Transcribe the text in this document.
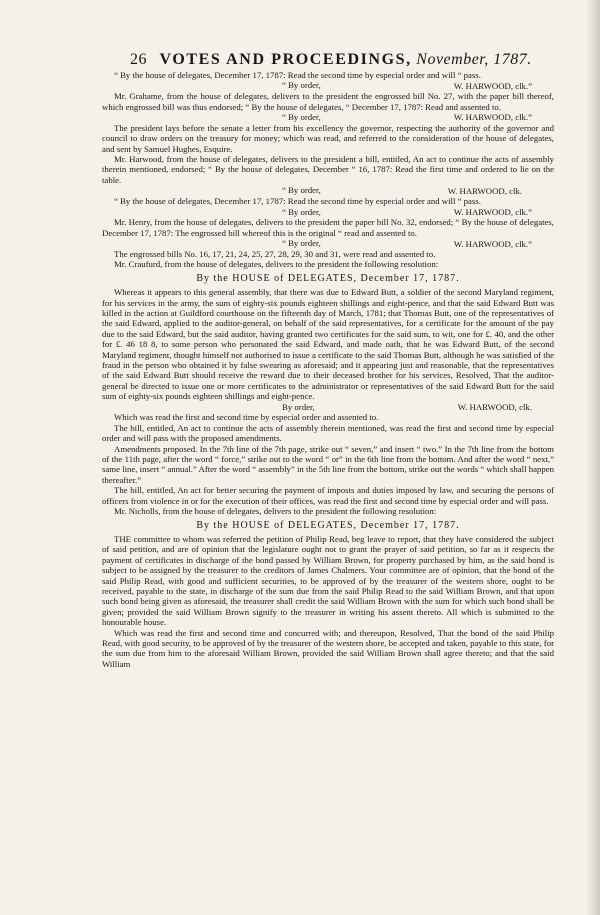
26 VOTES AND PROCEEDINGS, November, 1787.

“ By the house of delegates, December 17, 1787: Read the second time by especial order and will “ pass.

“ By order,	W. HARWOOD, clk.”

Mr. Grahame, from the house of delegates, delivers to the president the engrossed bill No. 27, with the paper bill thereof, which engrossed bill was thus endorsed; “ By the house of delegates, “ December 17, 1787: Read and assented to.

“ By order,	W. HARWOOD, clk.”

The president lays before the senate a letter from his excellency the governor, respecting the authority of the governor and council to draw orders on the treasury for money; which was read, and referred to the consideration of the house of delegates, and sent by Samuel Hughes, Esquire.

Mr. Harwood, from the house of delegates, delivers to the president a bill, entitled, An act to continue the acts of assembly therein mentioned, endorsed; “ By the house of delegates, December “ 16, 1787: Read the first time and ordered to lie on the table.

“ By order,	W. HARWOOD, clk.

“ By the house of delegates, December 17, 1787: Read the second time by especial order and will “ pass.

“ By order,	W. HARWOOD, clk.”

Mr. Henry, from the house of delegates, delivers to the president the paper bill No. 32, endorsed; “ By the house of delegates, December 17, 1787: The engrossed bill whereof this is the original “ read and assented to.

“ By order,	W. HARWOOD, clk.”

The engrossed bills No. 16, 17, 21, 24, 25, 27, 28, 29, 30 and 31, were read and assented to.

Mr. Craufurd, from the house of delegates, delivers to the president the following resolution:

By the HOUSE of DELEGATES, December 17, 1787.

Whereas it appears to this general assembly, that there was due to Edward Butt, a soldier of the second Maryland regiment, for his services in the army, the sum of eighty-six pounds eighteen shillings and eight-pence, and that the said Edward Butt was killed in the action at Guildford courthouse on the fifteenth day of March, 1781; that Thomas Butt, one of the representatives of the said Edward, applied to the auditor-general, on behalf of the said representatives, for a certificate for the amount of the pay due to the said Edward, but the said auditor, having granted two certificates for the said sum, to wit, one for £. 40, and the other for £. 46 18 8, to some person who personated the said Edward, and made oath, that he was Edward Butt, of the second Maryland regiment, thought himself not authorised to issue a certificate to the said Thomas Butt, although he was satisfied of the fraud in the person who obtained it by false swearing as aforesaid; and it appearing just and reasonable, that the representatives of the said Edward Butt should receive the reward due to their deceased brother for his services, Resolved, That the auditor-general be directed to issue one or more certificates to the administrator or representatives of the said Edward Butt for the said sum of eighty-six pounds eighteen shillings and eight-pence.

By order,	W. HARWOOD, clk.

Which was read the first and second time by especial order and assented to.

The bill, entitled, An act to continue the acts of assembly therein mentioned, was read the first and second time by especial order and will pass with the proposed amendments.

Amendments proposed. In the 7th line of the 7th page, strike out “ seven,” and insert “ two.” In the 7th line from the bottom of the 11th page, after the word “ force,” strike out to the word “ or” in the 6th line from the bottom. And after the word “ next,” same line, insert “ annual.” After the word “ assembly” in the 5th line from the bottom, strike out the words “ which shall happen thereafter.”

The bill, entitled, An act for better securing the payment of imposts and duties imposed by law, and securing the persons of officers from violence in or for the execution of their offices, was read the first and second time by especial order and will pass.

Mr. Nicholls, from the house of delegates, delivers to the president the following resolution:

By the HOUSE of DELEGATES, December 17, 1787.

THE committee to whom was referred the petition of Philip Read, beg leave to report, that they have considered the subject of said petition, and are of opinion that the legislature ought not to grant the prayer of said petition, so far as it respects the payment of certificates in discharge of the bond passed by William Brown, for property purchased by him, as the said bond is subject to be assigned by the treasurer to the creditors of James Chalmers. Your committee are of opinion, that the bond of the said Philip Read, with good and sufficient securities, to be approved of by the treasurer of the western shore, ought to be received, payable to the state, in discharge of the sum due from the said Philip Read to the said William Brown, and that upon such bond being given as aforesaid, the treasurer shall credit the said William Brown with the sum for which such bond shall be given; provided the said William Brown signify to the treasurer in writing his assent thereto. All which is submitted to the honourable house.

Which was read the first and second time and concurred with; and thereupon, Resolved, That the bond of the said Philip Read, with good security, to be approved of by the treasurer of the western shore, be accepted and taken, payable to this state, for the sum due from him to the aforesaid William Brown, provided the said William Brown shall agree thereto; and that the said William
